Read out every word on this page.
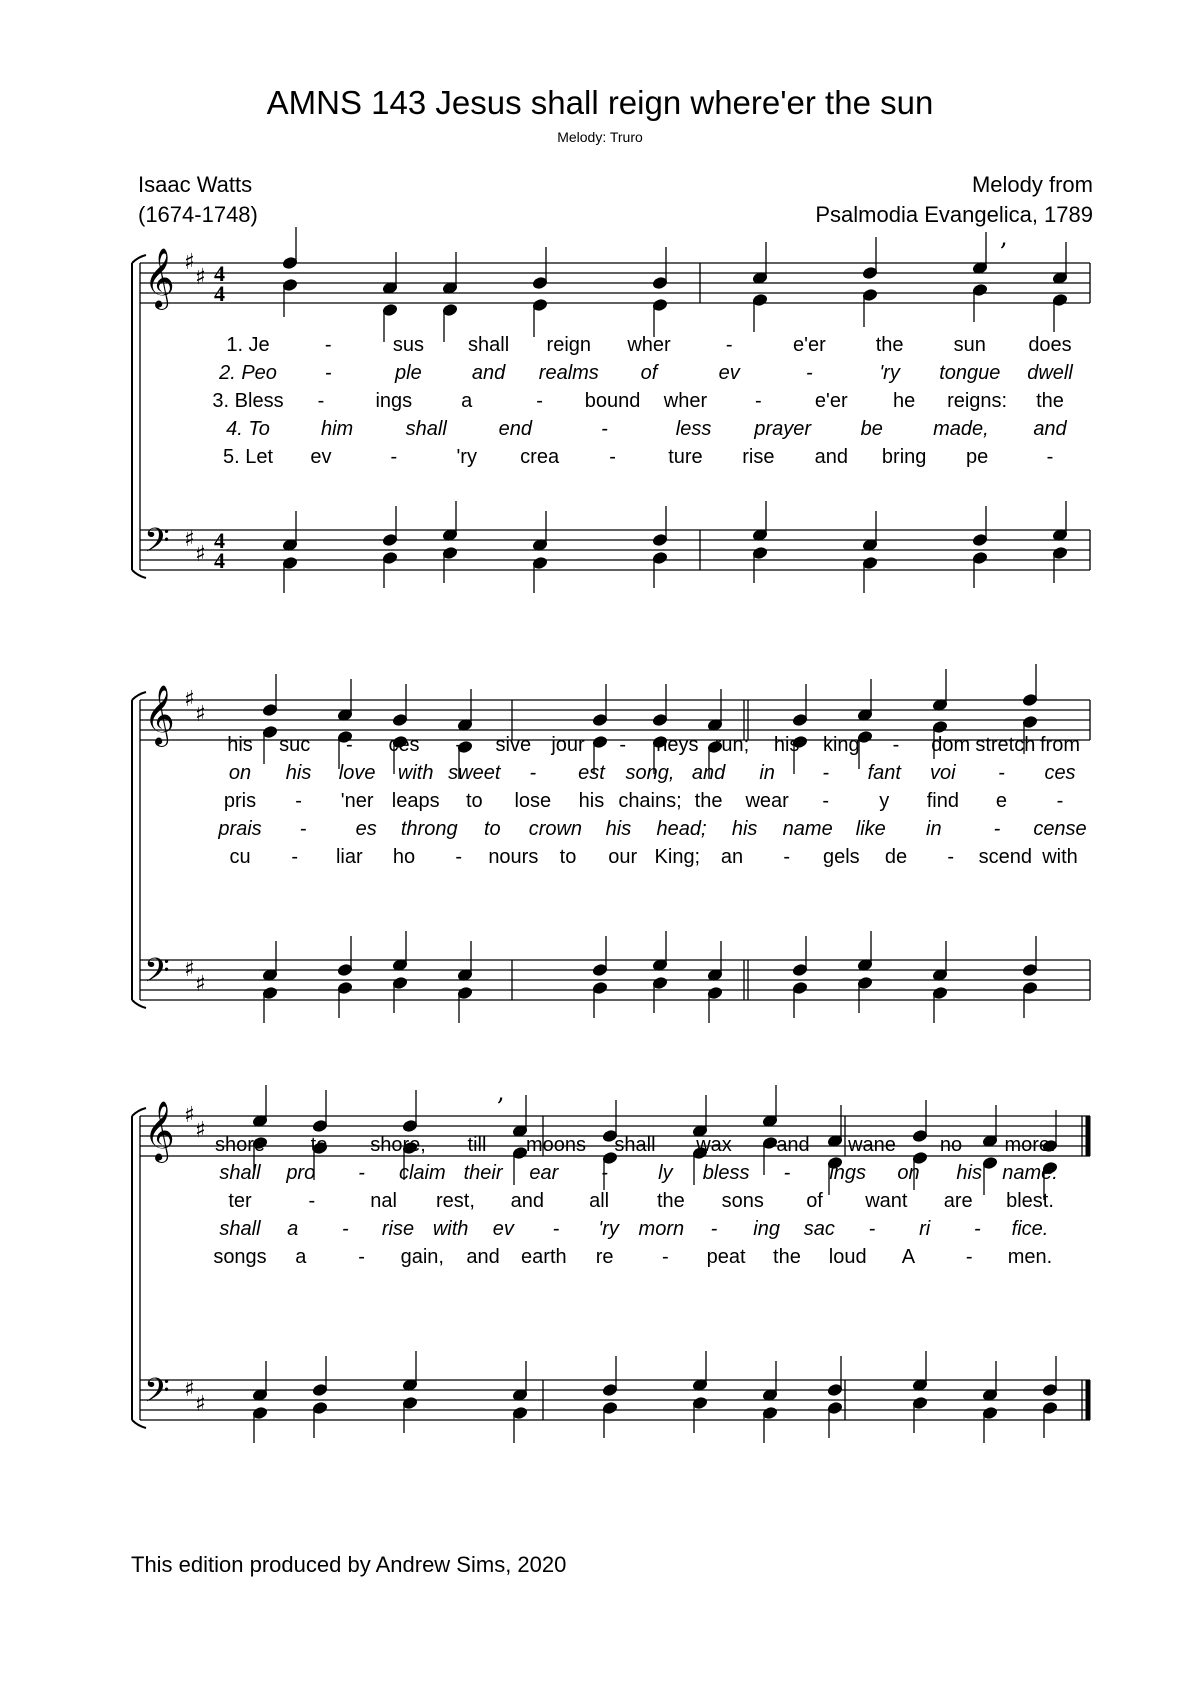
AMNS 143 Jesus shall reign where'er the sun
Melody: Truro
Isaac Watts
(1674-1748)
Melody from
Psalmodia Evangelica, 1789
𝄞
𝄢
♯
♯
♯
♯
4
4
4
4
𝄞
𝄢
♯
♯
♯
♯
𝄞
𝄢
♯
♯
♯
♯
,
,
1. Je	-	sus shall reign wher	-	e'er the	sun does
2. Peo -	ple	and realms of	ev	-	'ry tongue dwell
3. Bless -	ings a	- bound wher -	e'er he reigns: the
4. To	him	shall	end	-	less prayer be	made, and
5. Let ev	-	'ry crea	-	ture rise and bring pe	-
his suc - ces - sive jour - neys run; his king - dom stretch from
on his love with sweet - est song, and in - fant voi - ces
pris - 'ner leaps to lose his chains; the wear -	y find e -
prais - es throng to crown his head; his name like in	- cense
cu - liar ho - nours to our King; an - gels de - scend with
shore to shore, till moons shall wax and wane no more.
shall pro - claim their ear -	ly bless - ings on his name.
ter	-	nal rest, and all the sons of want are blest.
shall a - rise with ev - 'ry morn - ing sac - ri - fice.
songs a	- gain, and earth re - peat the loud A	- men.
This edition produced by Andrew Sims, 2020
